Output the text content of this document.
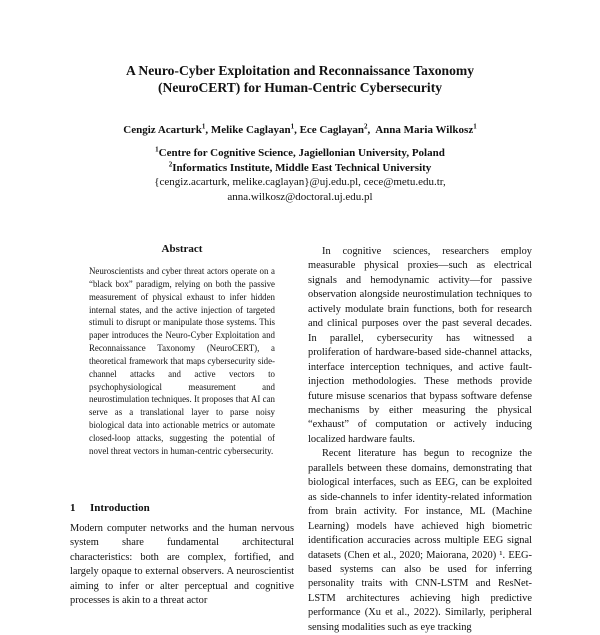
A Neuro-Cyber Exploitation and Reconnaissance Taxonomy
(NeuroCERT) for Human-Centric Cybersecurity
Cengiz Acarturk$^1$, Melike Caglayan$^1$, Ece Caglayan$^2$,  Anna Maria Wilkosz$^1$
$^1$Centre for Cognitive Science, Jagiellonian University, Poland
$^2$Informatics Institute, Middle East Technical University
{cengiz.acarturk, melike.caglayan}@uj.edu.pl, cece@metu.edu.tr,
anna.wilkosz@doctoral.uj.edu.pl
Abstract
Neuroscientists and cyber threat actors operate on a “black box” paradigm, relying on both the passive measurement of physical exhaust to infer hidden internal states, and the active injection of targeted stimuli to disrupt or manipulate those systems. This paper introduces the Neuro-Cyber Exploitation and Reconnaissance Taxonomy (NeuroCERT), a theoretical framework that maps cybersecurity side-channel attacks and active vectors to psychophysiological measurement and neurostimulation techniques. It proposes that AI can serve as a translational layer to parse noisy biological data into actionable metrics or automate closed-loop attacks, suggesting the potential of novel threat vectors in human-centric cybersecurity.
1 Introduction
Modern computer networks and the human nervous system share fundamental architectural characteristics: both are complex, fortified, and largely opaque to external observers. A neuroscientist aiming to infer or alter perceptual and cognitive processes is akin to a threat actor

In cognitive sciences, researchers employ measurable physical proxies—such as electrical signals and hemodynamic activity—for passive observation alongside neurostimulation techniques to actively modulate brain functions, both for research and clinical purposes over the past several decades. In parallel, cybersecurity has witnessed a proliferation of hardware-based side-channel attacks, interface interception techniques, and active fault-injection methodologies. These methods provide future misuse scenarios that bypass software defense mechanisms by either measuring the physical “exhaust” of computation or actively inducing localized hardware faults.

Recent literature has begun to recognize the parallels between these domains, demonstrating that biological interfaces, such as EEG, can be exploited as side-channels to infer identity-related information from brain activity. For instance, ML (Machine Learning) models have achieved high biometric identification accuracies across multiple EEG signal datasets (Chen et al., 2020; Maiorana, 2020) ¹. EEG-based systems can also be used for inferring personality traits with CNN-LSTM and ResNet-LSTM architectures achieving high predictive performance (Xu et al., 2022). Similarly, peripheral sensing modalities such as eye tracking
